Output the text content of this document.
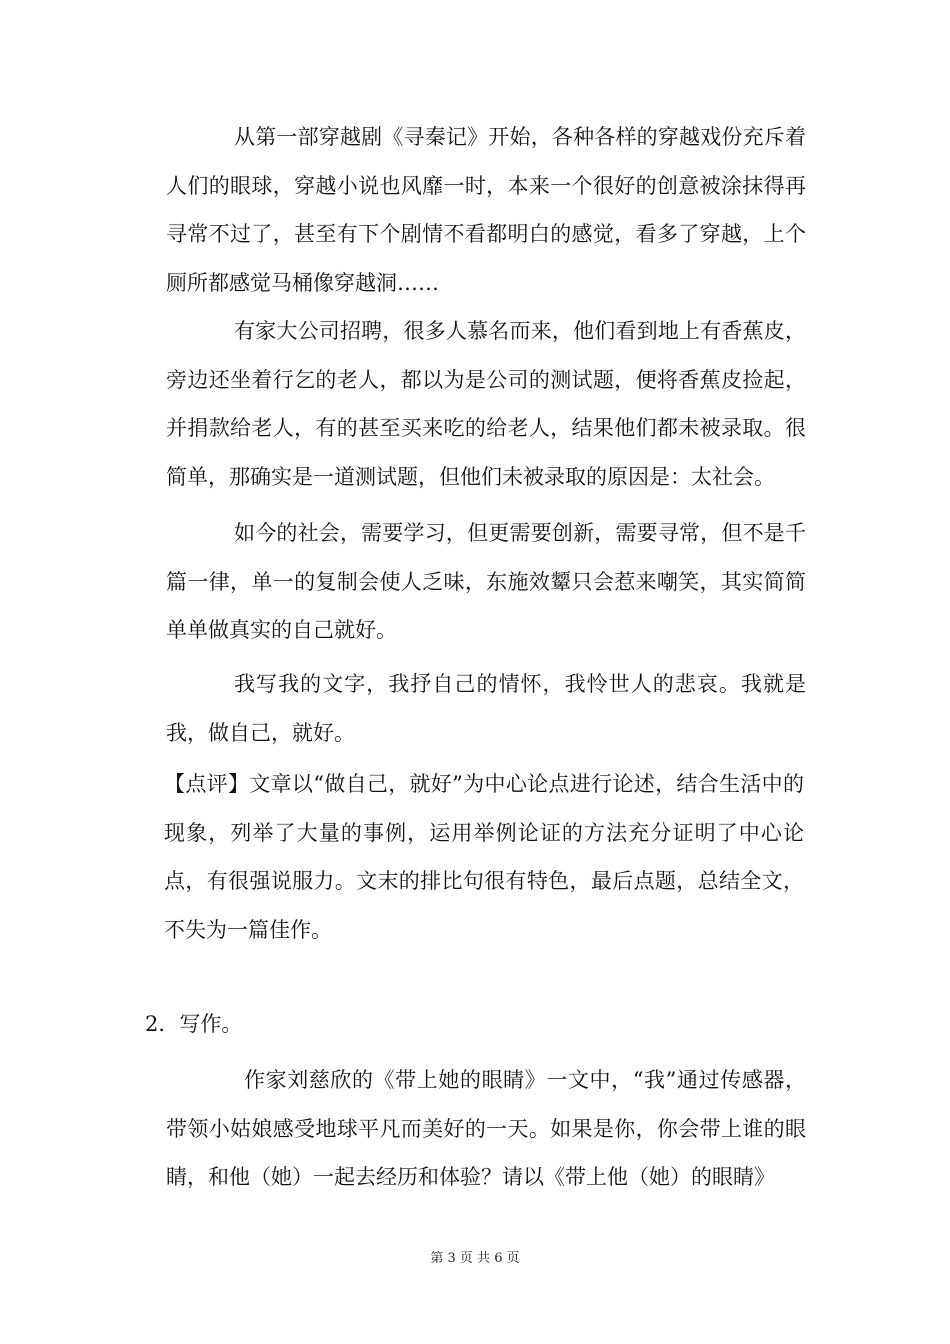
从第一部穿越剧《寻秦记》开始，各种各样的穿越戏份充斥着人们的眼球，穿越小说也风靡一时，本来一个很好的创意被涂抹得再寻常不过了，甚至有下个剧情不看都明白的感觉，看多了穿越，上个厕所都感觉马桶像穿越洞……

有家大公司招聘，很多人慕名而来，他们看到地上有香蕉皮，旁边还坐着行乞的老人，都以为是公司的测试题，便将香蕉皮捡起，并捐款给老人，有的甚至买来吃的给老人，结果他们都未被录取。很简单，那确实是一道测试题，但他们未被录取的原因是：太社会。

如今的社会，需要学习，但更需要创新，需要寻常，但不是千篇一律，单一的复制会使人乏味，东施效颦只会惹来嘲笑，其实简简单单做真实的自己就好。

我写我的文字，我抒自己的情怀，我怜世人的悲哀。我就是我，做自己，就好。

【点评】文章以“做自己，就好”为中心论点进行论述，结合生活中的现象，列举了大量的事例，运用举例论证的方法充分证明了中心论点，有很强说服力。文末的排比句很有特色，最后点题，总结全文，不失为一篇佳作。

2．写作。

作家刘慈欣的《带上她的眼睛》一文中，“我”通过传感器，带领小姑娘感受地球平凡而美好的一天。如果是你，你会带上谁的眼睛，和他（她）一起去经历和体验？请以《带上他（她）的眼睛》

第 3 页 共 6 页
